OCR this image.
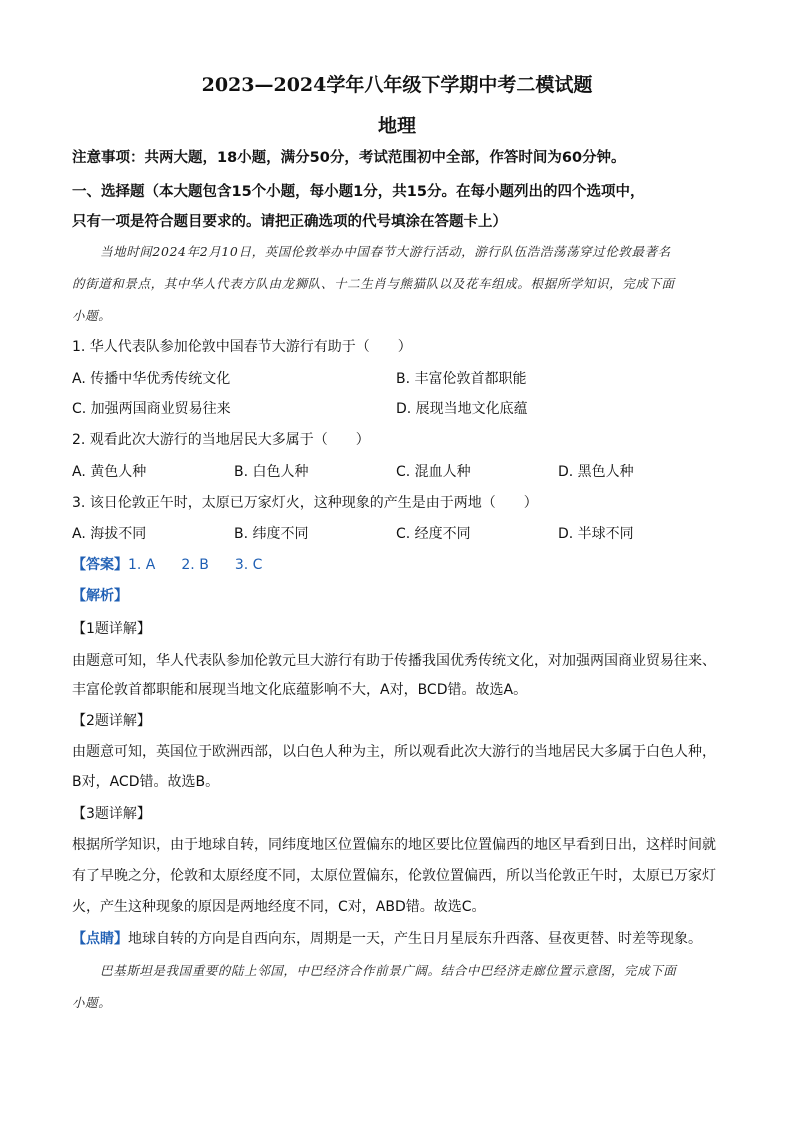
2023—2024学年八年级下学期中考二模试题
地理
注意事项：共两大题，18小题，满分50分，考试范围初中全部，作答时间为60分钟。
一、选择题（本大题包含15个小题，每小题1分，共15分。在每小题列出的四个选项中，
只有一项是符合题目要求的。请把正确选项的代号填涂在答题卡上）
当地时间2024年2月10日，英国伦敦举办中国春节大游行活动，游行队伍浩浩荡荡穿过伦敦最著名
的街道和景点，其中华人代表方队由龙狮队、十二生肖与熊猫队以及花车组成。根据所学知识，完成下面
小题。
1. 华人代表队参加伦敦中国春节大游行有助于（　　）
A. 传播中华优秀传统文化	B. 丰富伦敦首都职能
C. 加强两国商业贸易往来	D. 展现当地文化底蕴
2. 观看此次大游行的当地居民大多属于（　　）
A. 黄色人种	B. 白色人种	C. 混血人种	D. 黑色人种
3. 该日伦敦正午时，太原已万家灯火，这种现象的产生是由于两地（　　）
A. 海拔不同	B. 纬度不同	C. 经度不同	D. 半球不同
【答案】1. A 2. B 3. C
【解析】
【1题详解】
由题意可知，华人代表队参加伦敦元旦大游行有助于传播我国优秀传统文化，对加强两国商业贸易往来、
丰富伦敦首都职能和展现当地文化底蕴影响不大，A对，BCD错。故选A。
【2题详解】
由题意可知，英国位于欧洲西部，以白色人种为主，所以观看此次大游行的当地居民大多属于白色人种，
B对，ACD错。故选B。
【3题详解】
根据所学知识，由于地球自转，同纬度地区位置偏东的地区要比位置偏西的地区早看到日出，这样时间就
有了早晚之分，伦敦和太原经度不同，太原位置偏东，伦敦位置偏西，所以当伦敦正午时，太原已万家灯
火，产生这种现象的原因是两地经度不同，C对，ABD错。故选C。
【点睛】地球自转的方向是自西向东，周期是一天，产生日月星辰东升西落、昼夜更替、时差等现象。
巴基斯坦是我国重要的陆上邻国，中巴经济合作前景广阔。结合中巴经济走廊位置示意图，完成下面
小题。
